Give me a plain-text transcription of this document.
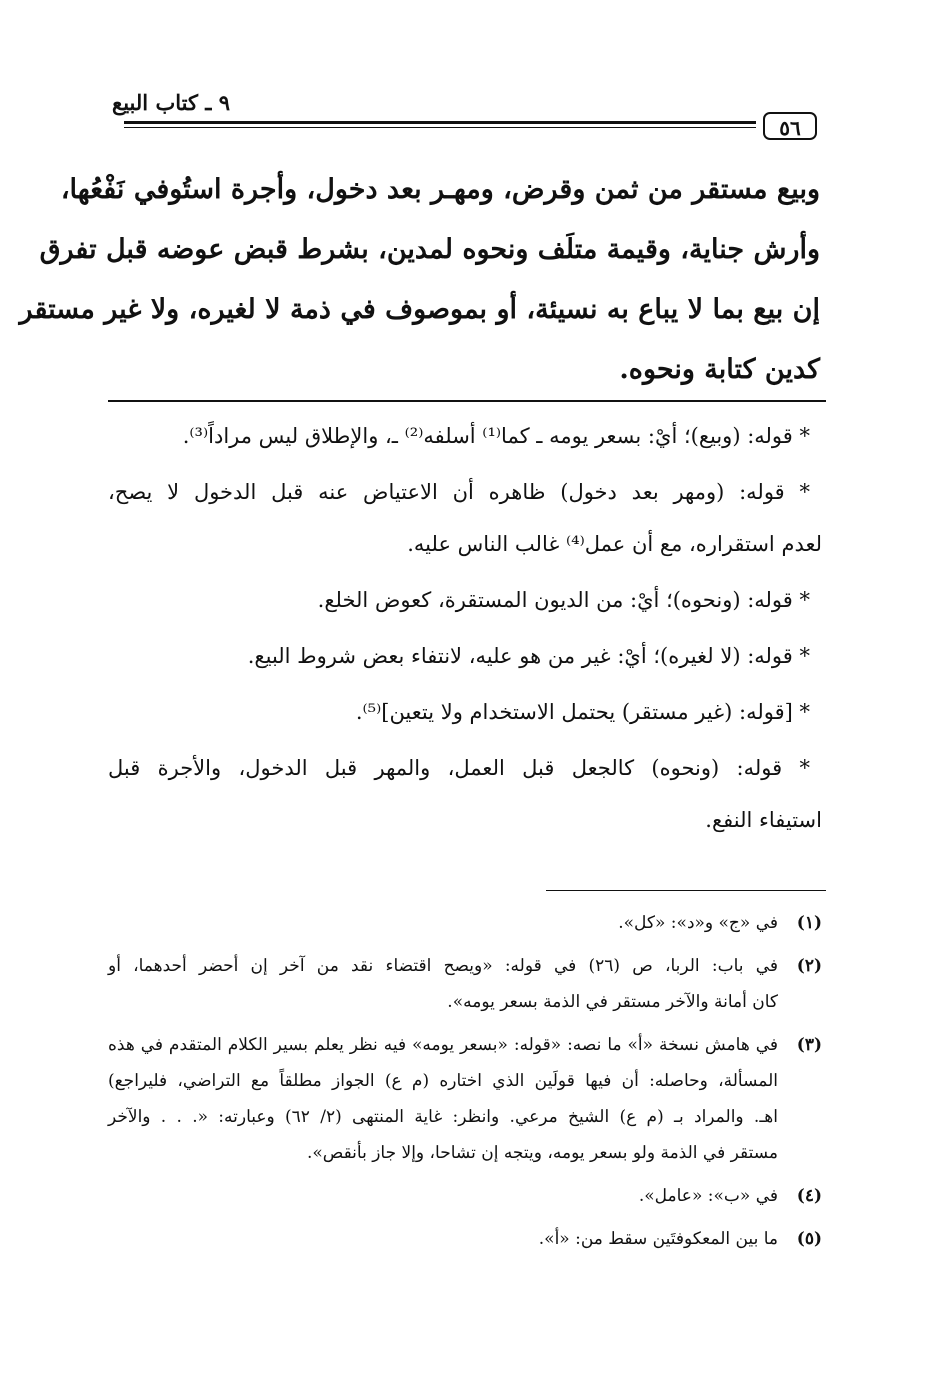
٥٦
٩ ـ كتاب البيع
وبيع مستقر من ثمن وقرض، ومهـر بعد دخول، وأجرة استُوفي نَفْعُها،
وأرش جناية، وقيمة متلَف ونحوه لمدين، بشرط قبض عوضه قبل تفرق
إن بيع بما لا يباع به نسيئة، أو بموصوف في ذمة لا لغيره، ولا غير مستقر
كدين كتابة ونحوه.
* قوله: (وبيع)؛ أيْ: بسعر يومه ـ كما⁽¹⁾ أسلفه⁽²⁾ ـ، والإطلاق ليس مراداً⁽³⁾.
* قوله: (ومهر بعد دخول) ظاهره أن الاعتياض عنه قبل الدخول لا يصح،
لعدم استقراره، مع أن عمل⁽⁴⁾ غالب الناس عليه.
* قوله: (ونحوه)؛ أيْ: من الديون المستقرة، كعوض الخلع.
* قوله: (لا لغيره)؛ أيْ: غير من هو عليه، لانتفاء بعض شروط البيع.
* [قوله: (غير مستقر) يحتمل الاستخدام ولا يتعين]⁽⁵⁾.
* قوله: (ونحوه) كالجعل قبل العمل، والمهر قبل الدخول، والأجرة قبل
استيفاء النفع.
(١)
في «ج» و«د»: «كل».
(٢)
في باب: الربا، ص (٢٦) في قوله: «ويصح اقتضاء نقد من آخر إن أحضر أحدهما، أو
كان أمانة والآخر مستقر في الذمة بسعر يومه».
(٣)
في هامش نسخة «أ» ما نصه: «قوله: «بسعر يومه» فيه نظر يعلم بسير الكلام المتقدم في هذه
المسألة، وحاصله: أن فيها قولَين الذي اختاره (م ع) الجواز مطلقاً مع التراضي، فليراجع)
اهـ. والمراد بـ (م ع) الشيخ مرعي. وانظر: غاية المنتهى (٢/ ٦٢) وعبارته: «. . . والآخر
مستقر في الذمة ولو بسعر يومه، ويتجه إن تشاحا، وإلا جاز بأنقص».
(٤)
في «ب»: «عامل».
(٥)
ما بين المعكوفتَين سقط من: «أ».
